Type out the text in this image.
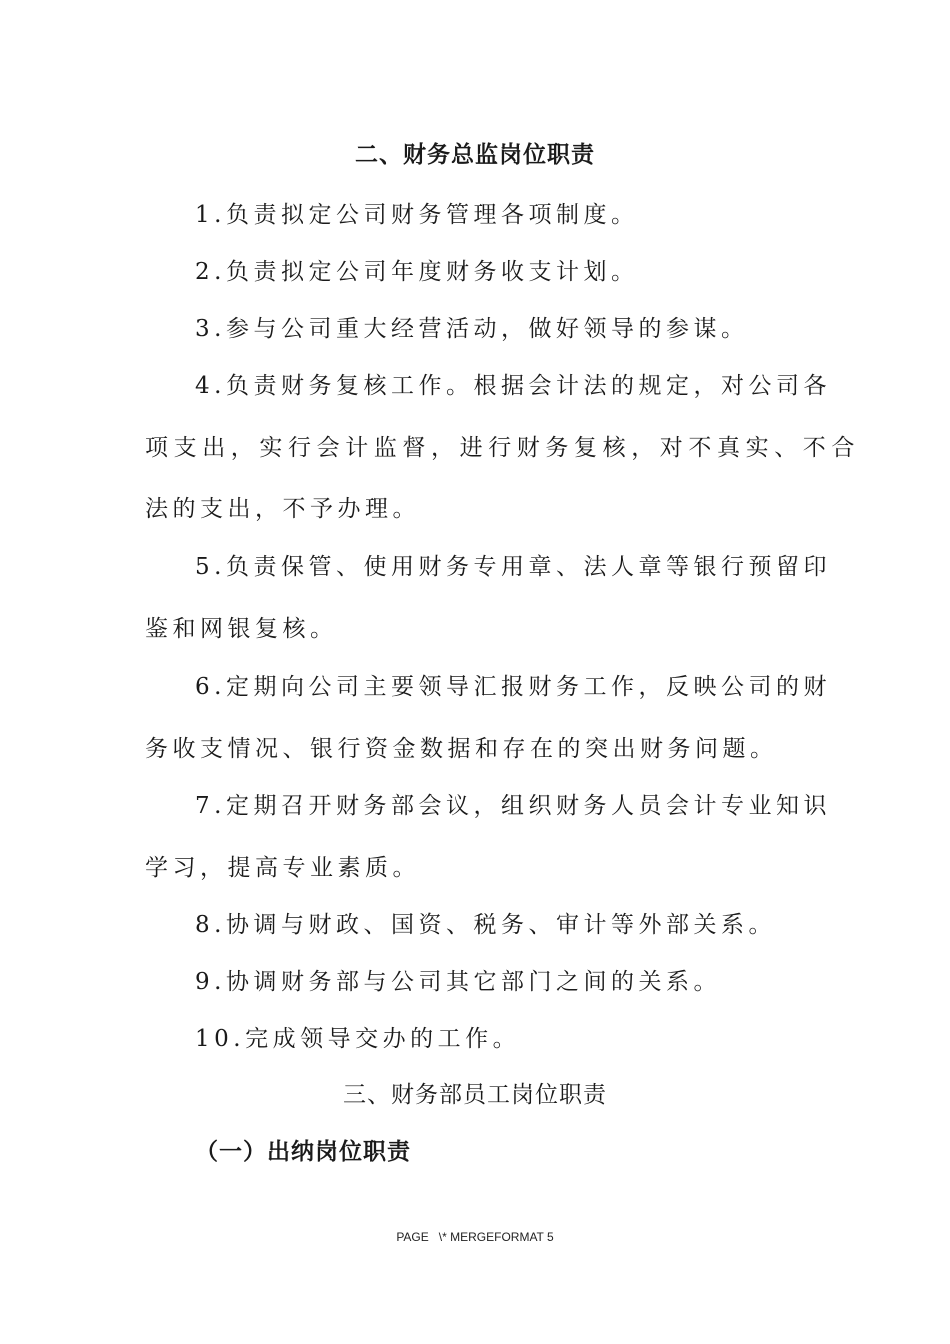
二、财务总监岗位职责
1.负责拟定公司财务管理各项制度。
2.负责拟定公司年度财务收支计划。
3.参与公司重大经营活动，做好领导的参谋。
4.负责财务复核工作。根据会计法的规定，对公司各
项支出，实行会计监督，进行财务复核，对不真实、不合
法的支出，不予办理。
5.负责保管、使用财务专用章、法人章等银行预留印
鉴和网银复核。
6.定期向公司主要领导汇报财务工作，反映公司的财
务收支情况、银行资金数据和存在的突出财务问题。
7.定期召开财务部会议，组织财务人员会计专业知识
学习，提高专业素质。
8.协调与财政、国资、税务、审计等外部关系。
9.协调财务部与公司其它部门之间的关系。
10.完成领导交办的工作。
三、财务部员工岗位职责
（一）出纳岗位职责
PAGE   \* MERGEFORMAT 5
